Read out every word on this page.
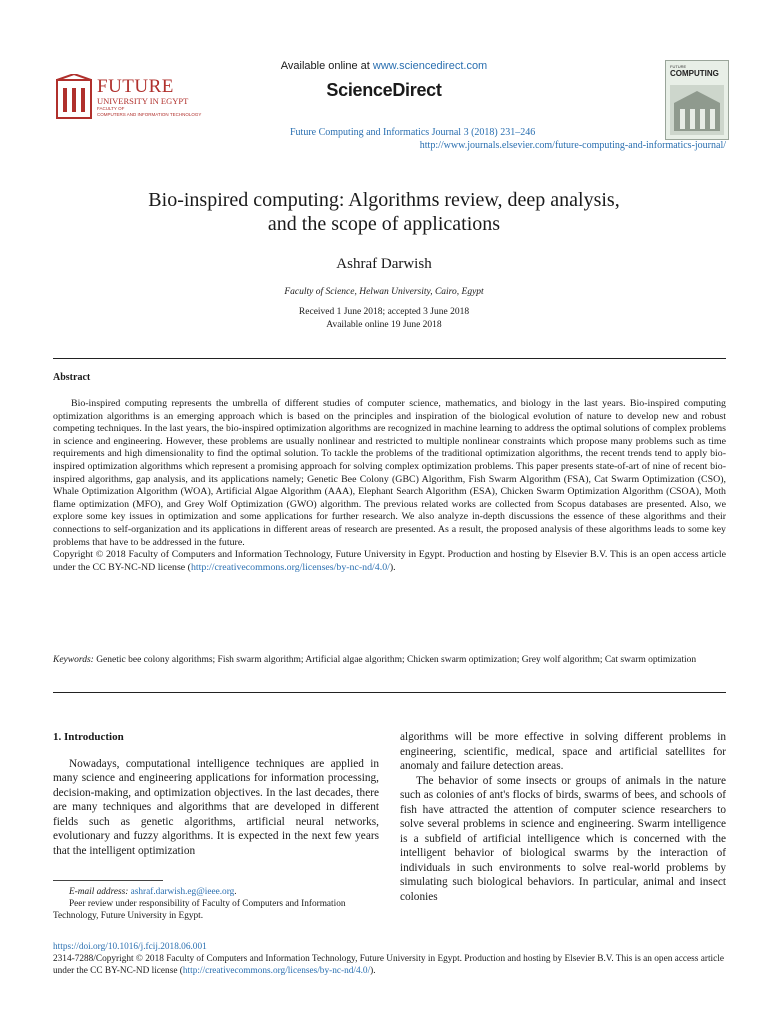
FUTURE
UNIVERSITY IN EGYPT
FACULTY OF
COMPUTERS AND INFORMATION TECHNOLOGY
Available online at www.sciencedirect.com
ScienceDirect
Future Computing and Informatics Journal 3 (2018) 231–246
http://www.journals.elsevier.com/future-computing-and-informatics-journal/
FUTURE
COMPUTING
Bio-inspired computing: Algorithms review, deep analysis,
and the scope of applications
Ashraf Darwish
Faculty of Science, Helwan University, Cairo, Egypt
Received 1 June 2018; accepted 3 June 2018
Available online 19 June 2018
Abstract

Bio-inspired computing represents the umbrella of different studies of computer science, mathematics, and biology in the last years. Bio-inspired computing optimization algorithms is an emerging approach which is based on the principles and inspiration of the biological evolution of nature to develop new and robust competing techniques. In the last years, the bio-inspired optimization algorithms are recognized in machine learning to address the optimal solutions of complex problems in science and engineering. However, these problems are usually nonlinear and restricted to multiple nonlinear constraints which propose many problems such as time requirements and high dimensionality to find the optimal solution. To tackle the problems of the traditional optimization algorithms, the recent trends tend to apply bio-inspired optimization algorithms which represent a promising approach for solving complex optimization problems. This paper presents state-of-art of nine of recent bio-inspired algorithms, gap analysis, and its applications namely; Genetic Bee Colony (GBC) Algorithm, Fish Swarm Algorithm (FSA), Cat Swarm Optimization (CSO), Whale Optimization Algorithm (WOA), Artificial Algae Algorithm (AAA), Elephant Search Algorithm (ESA), Chicken Swarm Optimization Algorithm (CSOA), Moth flame optimization (MFO), and Grey Wolf Optimization (GWO) algorithm. The previous related works are collected from Scopus databases are presented. Also, we explore some key issues in optimization and some applications for further research. We also analyze in-depth discussions the essence of these algorithms and their connections to self-organization and its applications in different areas of research are presented. As a result, the proposed analysis of these algorithms leads to some key problems that have to be addressed in the future.

Copyright © 2018 Faculty of Computers and Information Technology, Future University in Egypt. Production and hosting by Elsevier B.V. This is an open access article under the CC BY-NC-ND license (http://creativecommons.org/licenses/by-nc-nd/4.0/).

Keywords: Genetic bee colony algorithms; Fish swarm algorithm; Artificial algae algorithm; Chicken swarm optimization; Grey wolf algorithm; Cat swarm optimization
1. Introduction

Nowadays, computational intelligence techniques are applied in many science and engineering applications for information processing, decision-making, and optimization objectives. In the last decades, there are many techniques and algorithms that are developed in different fields such as genetic algorithms, artificial neural networks, evolutionary and fuzzy algorithms. It is expected in the next few years that the intelligent optimization

algorithms will be more effective in solving different problems in engineering, scientific, medical, space and artificial satellites for anomaly and failure detection areas.

The behavior of some insects or groups of animals in the nature such as colonies of ant's flocks of birds, swarms of bees, and schools of fish have attracted the attention of computer science researchers to solve several problems in science and engineering. Swarm intelligence is a subfield of artificial intelligence which is concerned with the intelligent behavior of biological swarms by the interaction of individuals in such environments to solve real-world problems by simulating such biological behaviors. In particular, animal and insect colonies

E-mail address: ashraf.darwish.eg@ieee.org.

Peer review under responsibility of Faculty of Computers and Information Technology, Future University in Egypt.

https://doi.org/10.1016/j.fcij.2018.06.001

2314-7288/Copyright © 2018 Faculty of Computers and Information Technology, Future University in Egypt. Production and hosting by Elsevier B.V. This is an open access article under the CC BY-NC-ND license (http://creativecommons.org/licenses/by-nc-nd/4.0/).
